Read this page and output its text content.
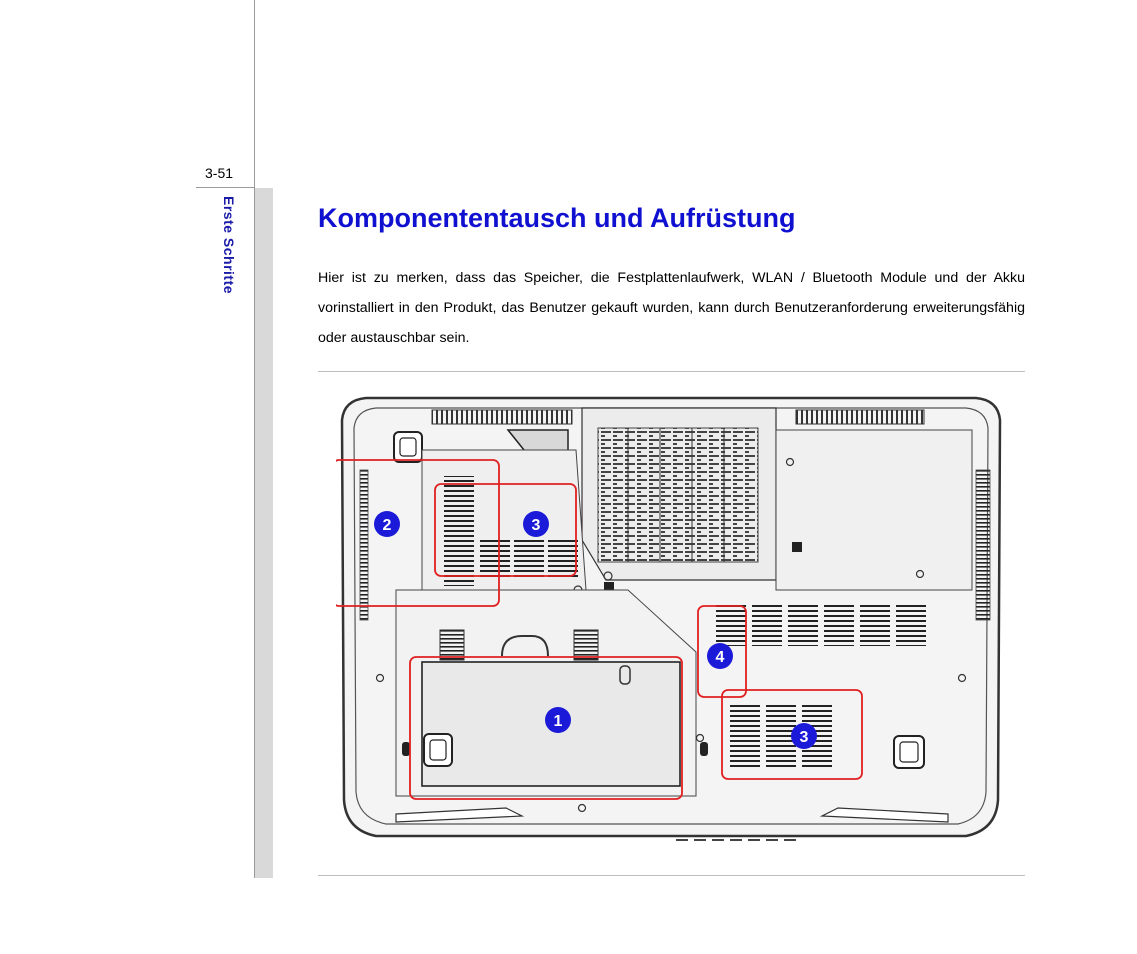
3-51
Erste Schritte	Komponententausch und Aufrüstung

Hier ist zu merken, dass das Speicher, die Festplattenlaufwerk, WLAN / Bluetooth Module und der Akku vorinstalliert in den Produkt, das Benutzer gekauft wurden, kann durch Benutzeranforderung erweiterungsfähig oder austauschbar sein.

2	3
1
4
3
